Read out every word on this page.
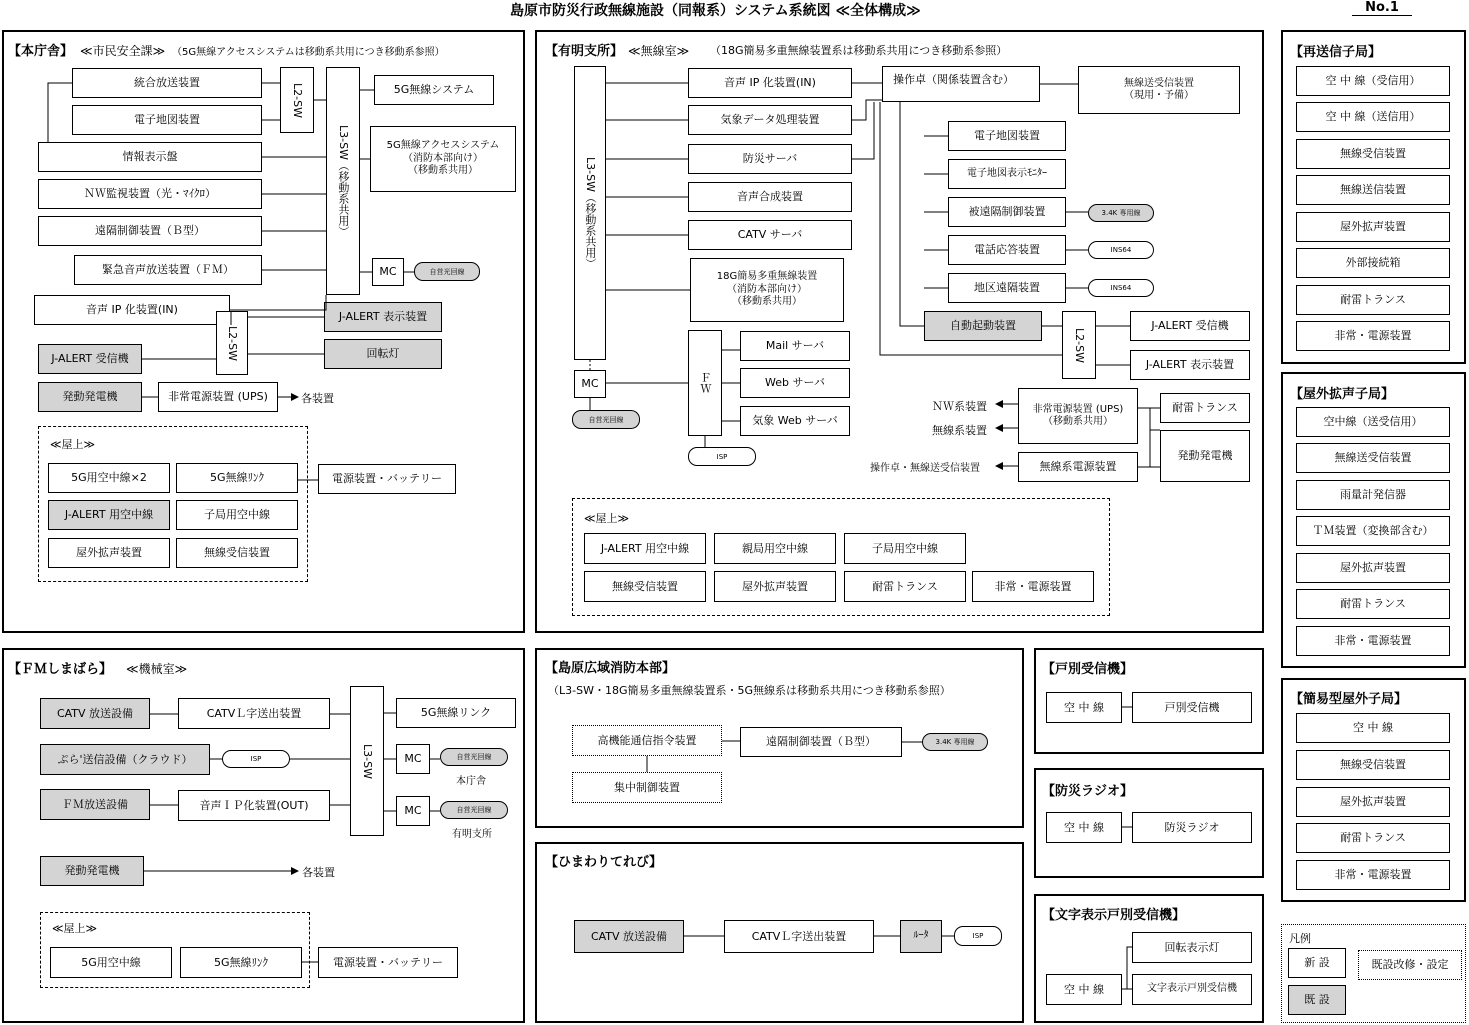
島原市防災行政無線施設（同報系）システム系統図 ≪全体構成≫	No.1
【本庁舎】 ≪市民安全課≫ （5G無線アクセスシステムは移動系共用につき移動系参照）
統合放送装置
電子地図装置
情報表示盤
ＮＷ監視装置（光・ﾏｲｸﾛ）
遠隔制御装置（Ｂ型）
緊急音声放送装置（ＦＭ）
音声 IP 化装置(IN)
L2-SW
L3-SW（移動系共用）
5G無線システム
5G無線アクセスシステム
（消防本部向け）
（移動系共用）
MC	自営光回線
J-ALERT 表示装置
回転灯
L2-SW
J-ALERT 受信機
発動発電機	非常電源装置 (UPS)	各装置
≪屋上≫
5G用空中線×2	5G無線ﾘﾝｸ
J-ALERT 用空中線	子局用空中線
屋外拡声装置	無線受信装置
電源装置・バッテリー
【有明支所】 ≪無線室≫ （18G簡易多重無線装置系は移動系共用につき移動系参照）
L3-SW（移動系共用）
MC
自営光回線
音声 IP 化装置(IN)
気象データ処理装置
防災サーバ
音声合成装置
CATV サーバ
18G簡易多重無線装置
（消防本部向け）
（移動系共用）
ＦＷ
Mail サーバ
Web サーバ
気象 Web サーバ
ISP
操作卓（関係装置含む）	無線送受信装置
（現用・予備）
電子地図装置
電子地図表示ﾓﾆﾀｰ
被遠隔制御装置	3.4K 専用線
電話応答装置	INS64
地区遠隔装置	INS64
自動起動装置
L2-SW
J-ALERT 受信機
J-ALERT 表示装置
非常電源装置 (UPS)
（移動系共用）
耐雷トランス
発動発電機
無線系電源装置
ＮＷ系装置
無線系装置
操作卓・無線送受信装置
≪屋上≫
J-ALERT 用空中線	親局用空中線	子局用空中線
無線受信装置	屋外拡声装置	耐雷トランス	非常・電源装置
【再送信子局】
空 中 線（受信用）
空 中 線（送信用）
無線受信装置
無線送信装置
屋外拡声装置
外部接続箱
耐雷トランス
非常・電源装置
【屋外拡声子局】
空中線（送受信用）
無線送受信装置
雨量計発信器
ＴＭ装置（変換部含む）
屋外拡声装置
耐雷トランス
非常・電源装置
【簡易型屋外子局】
空 中 線
無線受信装置
屋外拡声装置
耐雷トランス
非常・電源装置
【ＦＭしまばら】 ≪機械室≫
CATV 放送設備
ぷら'送信設備（クラウド）
ＦＭ放送設備
CATVＬ字送出装置
音声ＩＰ化装置(OUT)
ISP	L3-SW
5G無線リンク
MC	自営光回線
本庁舎
MC	自営光回線
有明支所
発動発電機	各装置
≪屋上≫
5G用空中線	5G無線ﾘﾝｸ	電源装置・バッテリー
【島原広域消防本部】
（L3-SW・18G簡易多重無線装置系・5G無線系は移動系共用につき移動系参照）
高機能通信指令装置
集中制御装置
遠隔制御装置（Ｂ型）	3.4K 専用線
【ひまわりてれび】
CATV 放送設備	CATVＬ字送出装置	ﾙｰﾀ	ISP
【戸別受信機】
空 中 線	戸別受信機
【防災ラジオ】
空 中 線	防災ラジオ
【文字表示戸別受信機】
回転表示灯
空 中 線	文字表示戸別受信機
凡例
新 設	既設改修・設定
既 設
